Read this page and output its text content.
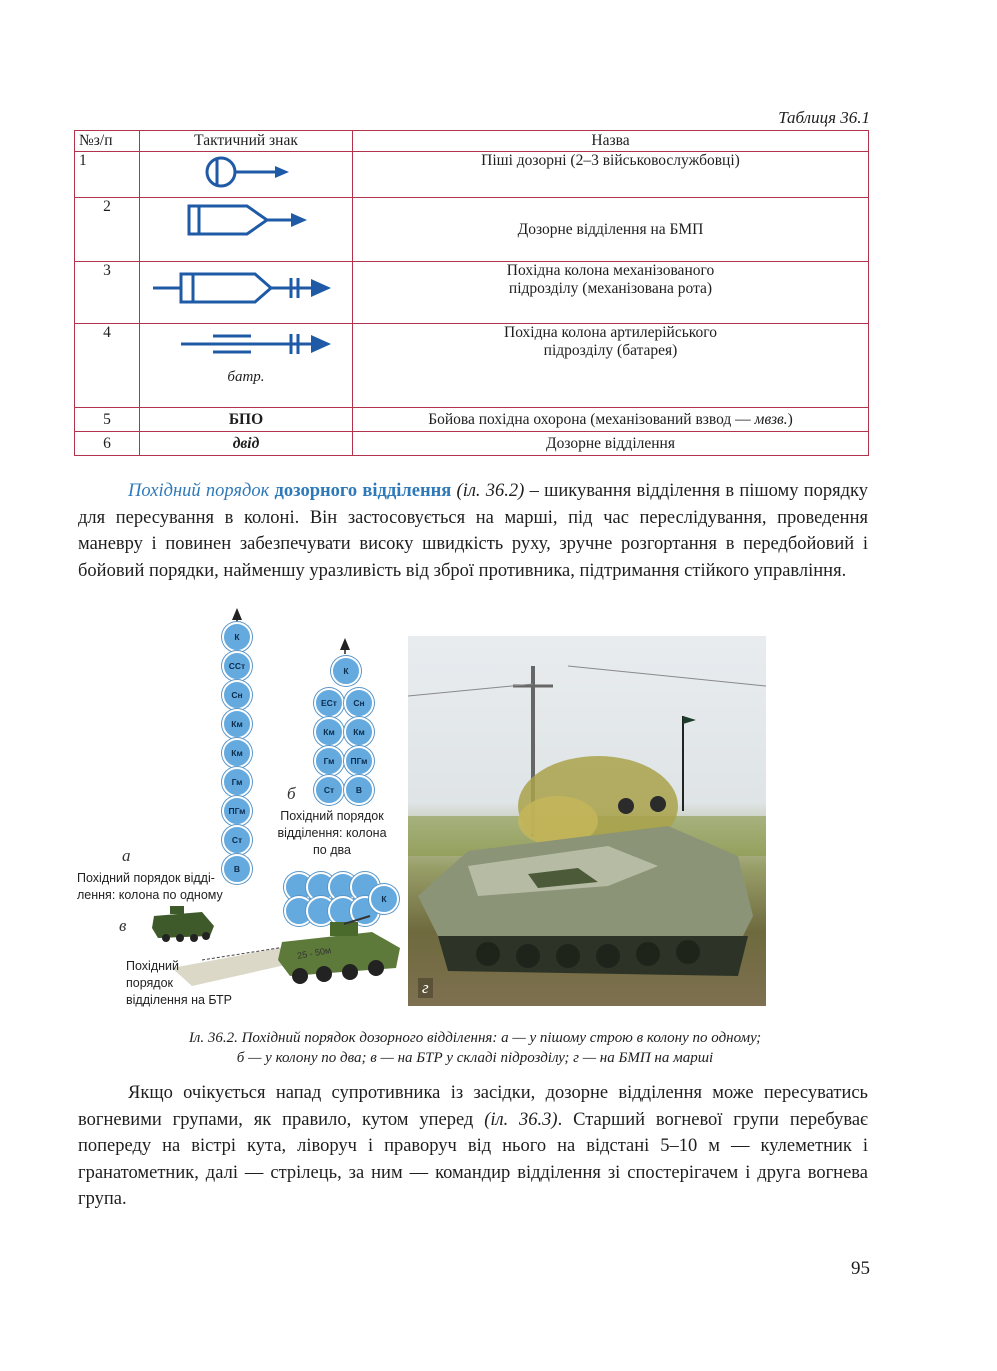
Таблиця 36.1
№з/п	Тактичний знак	Назва
1		Піші дозорні (2–3 військовослужбовці)
2		Дозорне відділення на БМП
3		Похідна колона механізованого
підрозділу (механізована рота)

4	батр.	Похідна колона артилерійського
підрозділу (батарея)

5	БПО	Бойова похідна охорона (механізований взвод — мвзв.)
6	двід	Дозорне відділення
Похідний порядок дозорного відділення (іл. 36.2) – шикування відділення в пішому порядку для пересування в колоні. Він застосовується на марші, під час переслідування, проведення маневру і повинен забезпечувати високу швидкість руху, зручне розгортання в передбойовий і бойовий порядки, найменшу уразливість від зброї противника, підтримання стійкого управління.
К
ССт
Сн
Км
Км
Гм
ПГм
Ст
В
а
Похідний порядок відді-
лення: колона по одному
К
ЕСт
Км
Гм
Ст
Сн
Км
ПГм
В
б
Похідний порядок
відділення: колона
по два
К
в
25 - 50м
Похідний
порядок
відділення на БТР
г
Іл. 36.2. Похідний порядок дозорного відділення: а — у пішому строю в колону по одному;
б — у колону по два; в — на БТР у складі підрозділу; г — на БМП на марші
Якщо очікується напад супротивника із засідки, дозорне відділення може пересуватись вогневими групами, як правило, кутом уперед (іл. 36.3). Старший вогневої групи перебуває попереду на вістрі кута, ліворуч і праворуч від нього на відстані 5–10 м — кулеметник і гранатометник, далі — стрілець, за ним — командир відділення зі спостерігачем і друга вогнева група.
95
